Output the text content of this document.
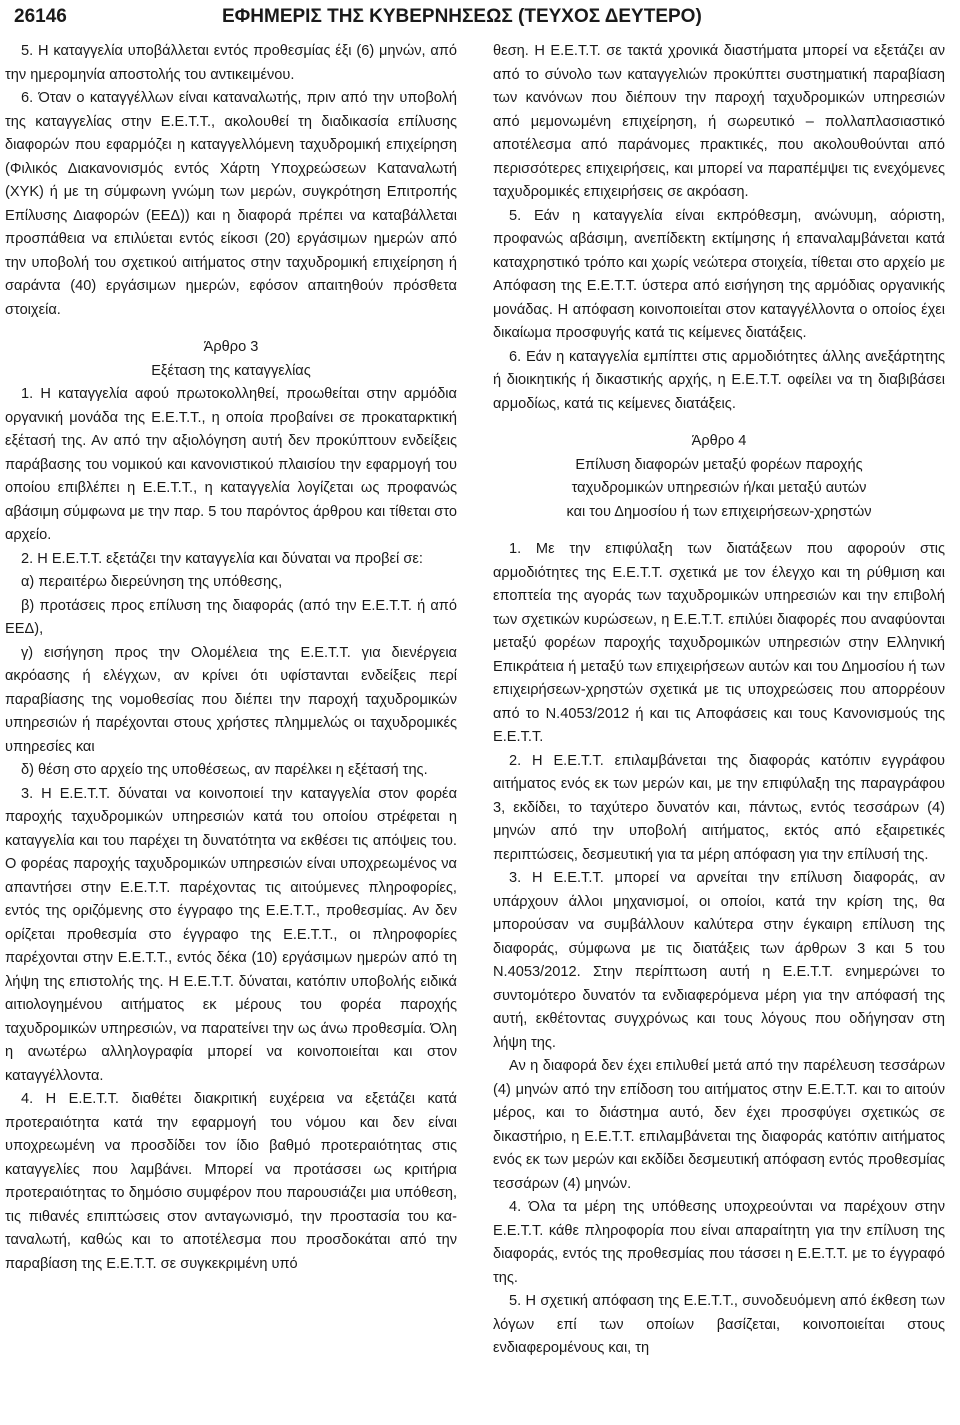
26146	ΕΦΗΜΕΡΙΣ ΤΗΣ ΚΥΒΕΡΝΗΣΕΩΣ (ΤΕΥΧΟΣ ΔΕΥΤΕΡΟ)

5. Η καταγγελία υποβάλλεται εντός προθεσμίας έξι (6) μηνών, από την ημερομηνία αποστολής του αντικειμένου.

6. Όταν ο καταγγέλλων είναι καταναλωτής, πριν από την υποβολή της καταγγελίας στην Ε.Ε.Τ.Τ., ακολουθεί τη διαδικασία επίλυσης διαφορών που εφαρμόζει η καταγγελλόμενη ταχυδρομική επιχείρηση (Φιλικός Διακανονισμός εντός Χάρτη Υποχρεώσεων Καταναλωτή (ΧΥΚ) ή με τη σύμφωνη γνώμη των μερών, συγκρότηση Επιτροπής Επίλυσης Διαφορών (ΕΕΔ)) και η διαφορά πρέπει να καταβάλλεται προσπάθεια να επιλύεται εντός είκοσι (20) εργάσιμων ημερών από την υποβολή του σχετικού αιτήματος στην ταχυδρομική επιχείρηση ή σαράντα (40) εργάσιμων ημερών, εφόσον απαιτηθούν πρόσθετα στοιχεία.

Άρθρο 3

Εξέταση της καταγγελίας

1. Η καταγγελία αφού πρωτοκολληθεί, προωθείται στην αρμόδια οργανική μονάδα της Ε.Ε.Τ.Τ., η οποία προβαίνει σε προκαταρκτική εξέτασή της. Αν από την αξιολόγηση αυτή δεν προκύπτουν ενδείξεις παράβασης του νομικού και κανονιστικού πλαισίου την εφαρμογή του οποίου επιβλέπει η Ε.Ε.Τ.Τ., η καταγγελία λογίζεται ως προφανώς αβάσιμη σύμφωνα με την παρ. 5 του παρόντος άρθρου και τίθεται στο αρχείο.

2. Η Ε.Ε.Τ.Τ. εξετάζει την καταγγελία και δύναται να προβεί σε:

α) περαιτέρω διερεύνηση της υπόθεσης,

β) προτάσεις προς επίλυση της διαφοράς (από την Ε.Ε.Τ.Τ. ή από ΕΕΔ),

γ) εισήγηση προς την Ολομέλεια της Ε.Ε.Τ.Τ. για διενέργεια ακρόασης ή ελέγχων, αν κρίνει ότι υφίστανται ενδείξεις περί παραβίασης της νομοθεσίας που διέπει την παροχή ταχυδρομικών υπηρεσιών ή παρέχονται στους χρήστες πλημμελώς οι ταχυδρομικές υπηρεσίες και

δ) θέση στο αρχείο της υποθέσεως, αν παρέλκει η εξέτασή της.

3. Η Ε.Ε.Τ.Τ. δύναται να κοινοποιεί την καταγγελία στον φορέα παροχής ταχυδρομικών υπηρεσιών κατά του οποίου στρέφεται η καταγγελία και του παρέχει τη δυνατότητα να εκθέσει τις απόψεις του. Ο φορέας παροχής ταχυδρομικών υπηρεσιών είναι υποχρεωμένος να απαντήσει στην Ε.Ε.Τ.Τ. παρέχοντας τις αιτούμενες πληροφορίες, εντός της οριζόμενης στο έγγραφο της Ε.Ε.Τ.Τ., προθεσμίας. Αν δεν ορίζεται προθεσμία στο έγγραφο της Ε.Ε.Τ.Τ., οι πληροφορίες παρέχονται στην Ε.Ε.Τ.Τ., εντός δέκα (10) εργάσιμων ημερών από τη λήψη της επιστολής της. Η Ε.Ε.Τ.Τ. δύναται, κατόπιν υποβολής ειδικά αιτιολογημένου αιτήματος εκ μέρους του φορέα παροχής ταχυδρομικών υπηρεσιών, να παρατείνει την ως άνω προθεσμία. Όλη η ανωτέρω αλληλογραφία μπορεί να κοινοποιείται και στον καταγγέλλοντα.

4. Η Ε.Ε.Τ.Τ. διαθέτει διακριτική ευχέρεια να εξετάζει κατά προτεραιότητα κατά την εφαρμογή του νόμου και δεν είναι υποχρεωμένη να προσδίδει τον ίδιο βαθμό προτεραιότητας στις καταγγελίες που λαμβάνει. Μπορεί να προτάσσει ως κριτήρια προτεραιότητας το δημόσιο συμφέρον που παρουσιάζει μια υπόθεση, τις πιθανές επιπτώσεις στον ανταγωνισμό, την προστασία του καταναλωτή, καθώς και το αποτέλεσμα που προσδοκάται από την παραβίαση της Ε.Ε.Τ.Τ. σε συγκεκριμένη υπό

θεση. Η Ε.Ε.Τ.Τ. σε τακτά χρονικά διαστήματα μπορεί να εξετάζει αν από το σύνολο των καταγγελιών προκύπτει συστηματική παραβίαση των κανόνων που διέπουν την παροχή ταχυδρομικών υπηρεσιών από μεμονωμένη επιχείρηση, ή σωρευτικό – πολλαπλασιαστικό αποτέλεσμα από παράνομες πρακτικές, που ακολουθούνται από περισσότερες επιχειρήσεις, και μπορεί να παραπέμψει τις ενεχόμενες ταχυδρομικές επιχειρήσεις σε ακρόαση.

5. Εάν η καταγγελία είναι εκπρόθεσμη, ανώνυμη, αόριστη, προφανώς αβάσιμη, ανεπίδεκτη εκτίμησης ή επαναλαμβάνεται κατά καταχρηστικό τρόπο και χωρίς νεώτερα στοιχεία, τίθεται στο αρχείο με Απόφαση της Ε.Ε.Τ.Τ. ύστερα από εισήγηση της αρμόδιας οργανικής μονάδας. Η απόφαση κοινοποιείται στον καταγγέλλοντα ο οποίος έχει δικαίωμα προσφυγής κατά τις κείμενες διατάξεις.

6. Εάν η καταγγελία εμπίπτει στις αρμοδιότητες άλλης ανεξάρτητης ή διοικητικής ή δικαστικής αρχής, η Ε.Ε.Τ.Τ. οφείλει να τη διαβιβάσει αρμοδίως, κατά τις κείμενες διατάξεις.

Άρθρο 4

Επίλυση διαφορών μεταξύ φορέων παροχής

ταχυδρομικών υπηρεσιών ή/και μεταξύ αυτών

και του Δημοσίου ή των επιχειρήσεων-χρηστών

1. Με την επιφύλαξη των διατάξεων που αφορούν στις αρμοδιότητες της Ε.Ε.Τ.Τ. σχετικά με τον έλεγχο και τη ρύθμιση και εποπτεία της αγοράς των ταχυδρομικών υπηρεσιών και την επιβολή των σχετικών κυρώσεων, η Ε.Ε.Τ.Τ. επιλύει διαφορές που αναφύονται μεταξύ φορέων παροχής ταχυδρομικών υπηρεσιών στην Ελληνική Επικράτεια ή μεταξύ των επιχειρήσεων αυτών και του Δημοσίου ή των επιχειρήσεων-χρηστών σχετικά με τις υποχρεώσεις που απορρέουν από το Ν.4053/2012 ή και τις Αποφάσεις και τους Κανονισμούς της Ε.Ε.Τ.Τ.

2. Η Ε.Ε.Τ.Τ. επιλαμβάνεται της διαφοράς κατόπιν εγγράφου αιτήματος ενός εκ των μερών και, με την επιφύλαξη της παραγράφου 3, εκδίδει, το ταχύτερο δυνατόν και, πάντως, εντός τεσσάρων (4) μηνών από την υποβολή αιτήματος, εκτός από εξαιρετικές περιπτώσεις, δεσμευτική για τα μέρη απόφαση για την επίλυσή της.

3. Η Ε.Ε.Τ.Τ. μπορεί να αρνείται την επίλυση διαφοράς, αν υπάρχουν άλλοι μηχανισμοί, οι οποίοι, κατά την κρίση της, θα μπορούσαν να συμβάλλουν καλύτερα στην έγκαιρη επίλυση της διαφοράς, σύμφωνα με τις διατάξεις των άρθρων 3 και 5 του Ν.4053/2012. Στην περίπτωση αυτή η Ε.Ε.Τ.Τ. ενημερώνει το συντομότερο δυνατόν τα ενδιαφερόμενα μέρη για την απόφασή της αυτή, εκθέτοντας συγχρόνως και τους λόγους που οδήγησαν στη λήψη της.

Αν η διαφορά δεν έχει επιλυθεί μετά από την παρέλευση τεσσάρων (4) μηνών από την επίδοση του αιτήματος στην Ε.Ε.Τ.Τ. και το αιτούν μέρος, και το διάστημα αυτό, δεν έχει προσφύγει σχετικώς σε δικαστήριο, η Ε.Ε.Τ.Τ. επιλαμβάνεται της διαφοράς κατόπιν αιτήματος ενός εκ των μερών και εκδίδει δεσμευτική απόφαση εντός προθεσμίας τεσσάρων (4) μηνών.

4. Όλα τα μέρη της υπόθεσης υποχρεούνται να παρέχουν στην Ε.Ε.Τ.Τ. κάθε πληροφορία που είναι απαραίτητη για την επίλυση της διαφοράς, εντός της προθεσμίας που τάσσει η Ε.Ε.Τ.Τ. με το έγγραφό της.

5. Η σχετική απόφαση της Ε.Ε.Τ.Τ., συνοδευόμενη από έκθεση των λόγων επί των οποίων βασίζεται, κοινοποιείται στους ενδιαφερομένους και, τη
